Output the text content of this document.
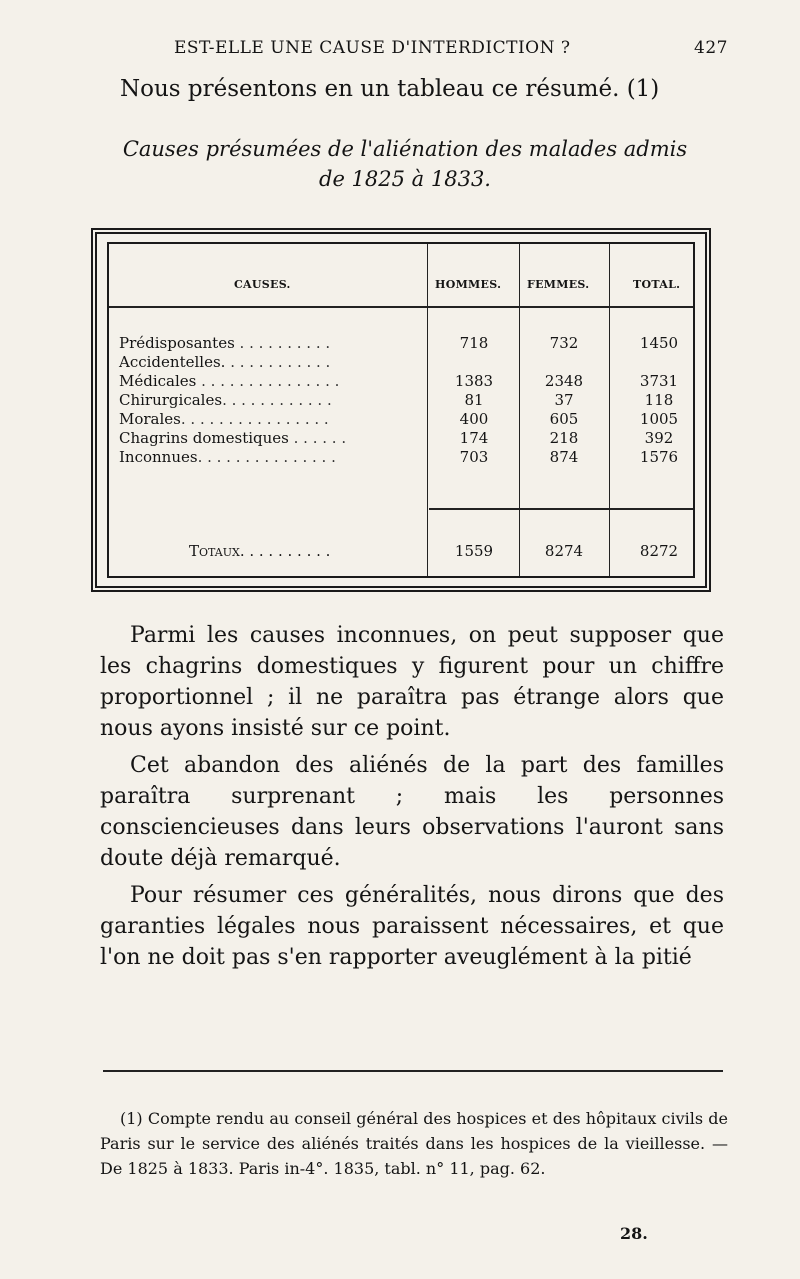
EST-ELLE UNE CAUSE D'INTERDICTION ?	427
Nous présentons en un tableau ce résumé. (1)
Causes présumées de l'aliénation des malades admis
de 1825 à 1833.
CAUSES.	HOMMES. FEMMES.	TOTAL.
Prédisposantes . . . . . . . . . .	718	732	1450
Accidentelles. . . . . . . . . . . .
Médicales . . . . . . . . . . . . . . .	1383	2348	3731
Chirurgicales. . . . . . . . . . . .	81	37	118
Morales. . . . . . . . . . . . . . . .	400	605	1005
Chagrins domestiques . . . . . .	174	218	392
Inconnues. . . . . . . . . . . . . . .	703	874	1576
Totaux. . . . . . . . . .	1559	8274	8272

Parmi les causes inconnues, on peut supposer que les chagrins domestiques y figurent pour un chiffre proportionnel ; il ne paraîtra pas étrange alors que nous ayons insisté sur ce point.

Cet abandon des aliénés de la part des familles paraîtra surprenant ; mais les personnes consciencieuses dans leurs observations l'auront sans doute déjà remarqué.

Pour résumer ces généralités, nous dirons que des garanties légales nous paraissent nécessaires, et que l'on ne doit pas s'en rapporter aveuglément à la pitié

(1) Compte rendu au conseil général des hospices et des hôpitaux civils de Paris sur le service des aliénés traités dans les hospices de la vieillesse. — De 1825 à 1833. Paris in-4°. 1835, tabl. n° 11, pag. 62.

28.
